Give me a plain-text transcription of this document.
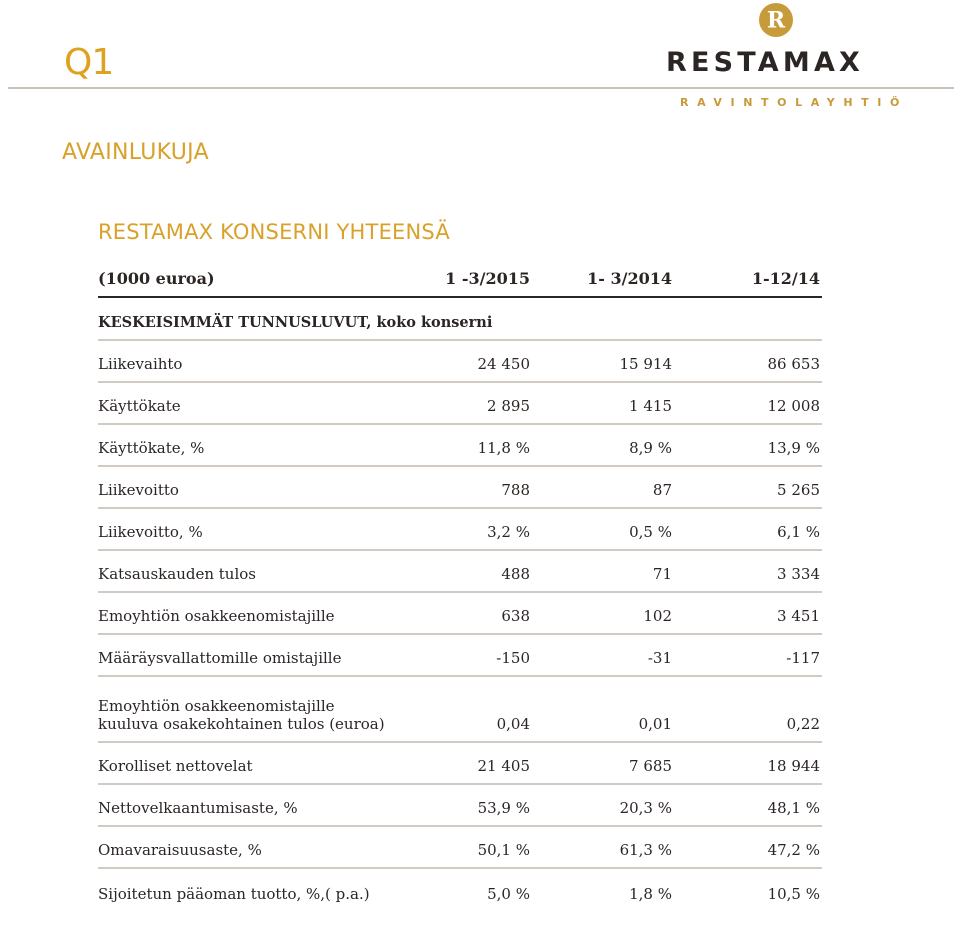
Q1
R
RESTAMAX
RAVINTOLAYHTIÖ
AVAINLUKUJA
RESTAMAX KONSERNI YHTEENSÄ
(1000 euroa)	1 -3/2015	1- 3/2014	1-12/14
KESKEISIMMÄT TUNNUSLUVUT, koko konserni
Liikevaihto	24 450	15 914	86 653
Käyttökate	2 895	1 415	12 008
Käyttökate, %	11,8 %	8,9 %	13,9 %
Liikevoitto	788	87	5 265
Liikevoitto, %	3,2 %	0,5 %	6,1 %
Katsauskauden tulos	488	71	3 334
Emoyhtiön osakkeenomistajille	638	102	3 451
Määräysvallattomille omistajille	-150	-31	-117
Emoyhtiön osakkeenomistajille
kuuluva osakekohtainen tulos (euroa)	0,04	0,01	0,22
Korolliset nettovelat	21 405	7 685	18 944
Nettovelkaantumisaste, %	53,9 %	20,3 %	48,1 %
Omavaraisuusaste, %	50,1 %	61,3 %	47,2 %
Sijoitetun pääoman tuotto, %,( p.a.)	5,0 %	1,8 %	10,5 %
